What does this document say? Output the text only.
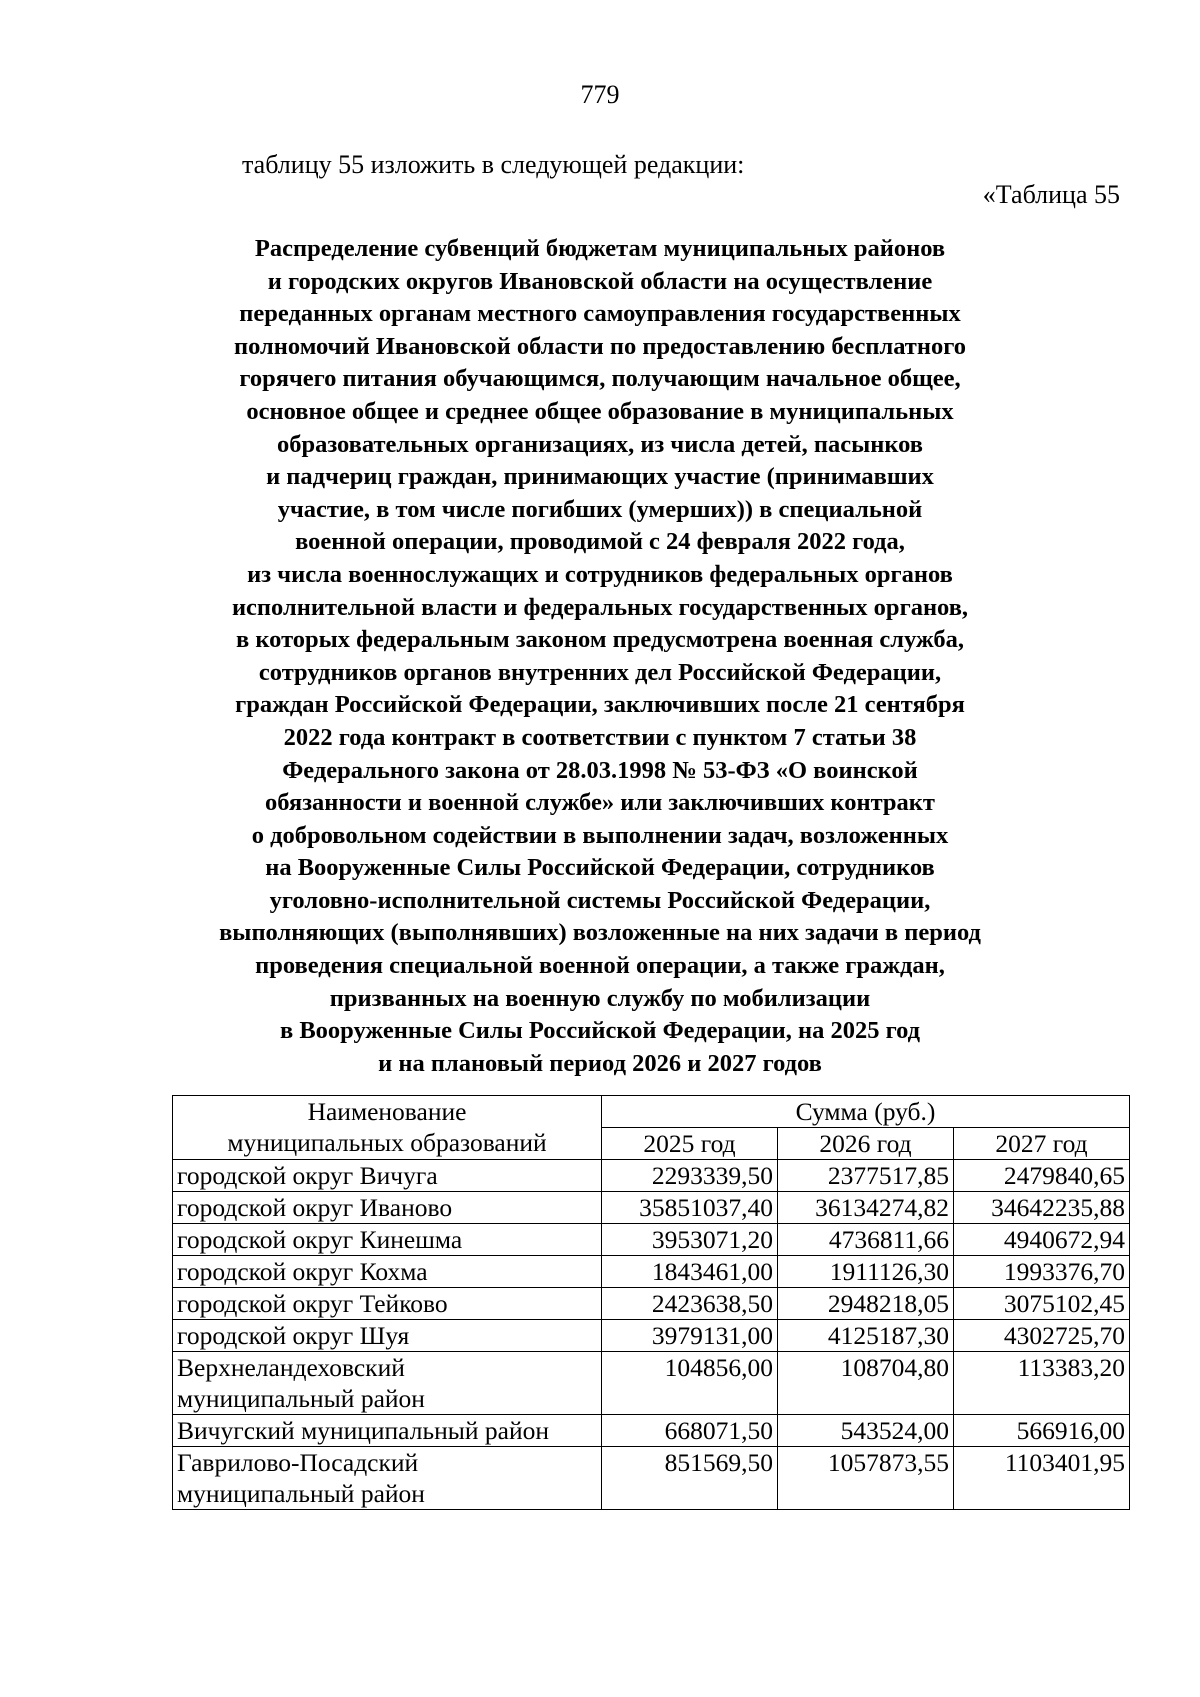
779
таблицу 55 изложить в следующей редакции:
«Таблица 55
Распределение субвенций бюджетам муниципальных районов
и городских округов Ивановской области на осуществление
переданных органам местного самоуправления государственных
полномочий Ивановской области по предоставлению бесплатного
горячего питания обучающимся, получающим начальное общее,
основное общее и среднее общее образование в муниципальных
образовательных организациях, из числа детей, пасынков
и падчериц граждан, принимающих участие (принимавших
участие, в том числе погибших (умерших)) в специальной
военной операции, проводимой с 24 февраля 2022 года,
из числа военнослужащих и сотрудников федеральных органов
исполнительной власти и федеральных государственных органов,
в которых федеральным законом предусмотрена военная служба,
сотрудников органов внутренних дел Российской Федерации,
граждан Российской Федерации, заключивших после 21 сентября
2022 года контракт в соответствии с пунктом 7 статьи 38
Федерального закона от 28.03.1998 № 53-ФЗ «О воинской
обязанности и военной службе» или заключивших контракт
о добровольном содействии в выполнении задач, возложенных
на Вооруженные Силы Российской Федерации, сотрудников
уголовно-исполнительной системы Российской Федерации,
выполняющих (выполнявших) возложенные на них задачи в период
проведения специальной военной операции, а также граждан,
призванных на военную службу по мобилизации
в Вооруженные Силы Российской Федерации, на 2025 год
и на плановый период 2026 и 2027 годов
Наименование
муниципальных образований	Сумма (руб.)		
	2025 год	2026 год	2027 год
городской округ Вичуга	2293339,50	2377517,85	2479840,65
городской округ Иваново	35851037,40	36134274,82	34642235,88
городской округ Кинешма	3953071,20	4736811,66	4940672,94
городской округ Кохма	1843461,00	1911126,30	1993376,70
городской округ Тейково	2423638,50	2948218,05	3075102,45
городской округ Шуя	3979131,00	4125187,30	4302725,70

Верхнеландеховский
муниципальный район	104856,00	108704,80	113383,20
Вичугский муниципальный район	668071,50	543524,00	566916,00

Гаврилово-Посадский
муниципальный район	851569,50	1057873,55	1103401,95
